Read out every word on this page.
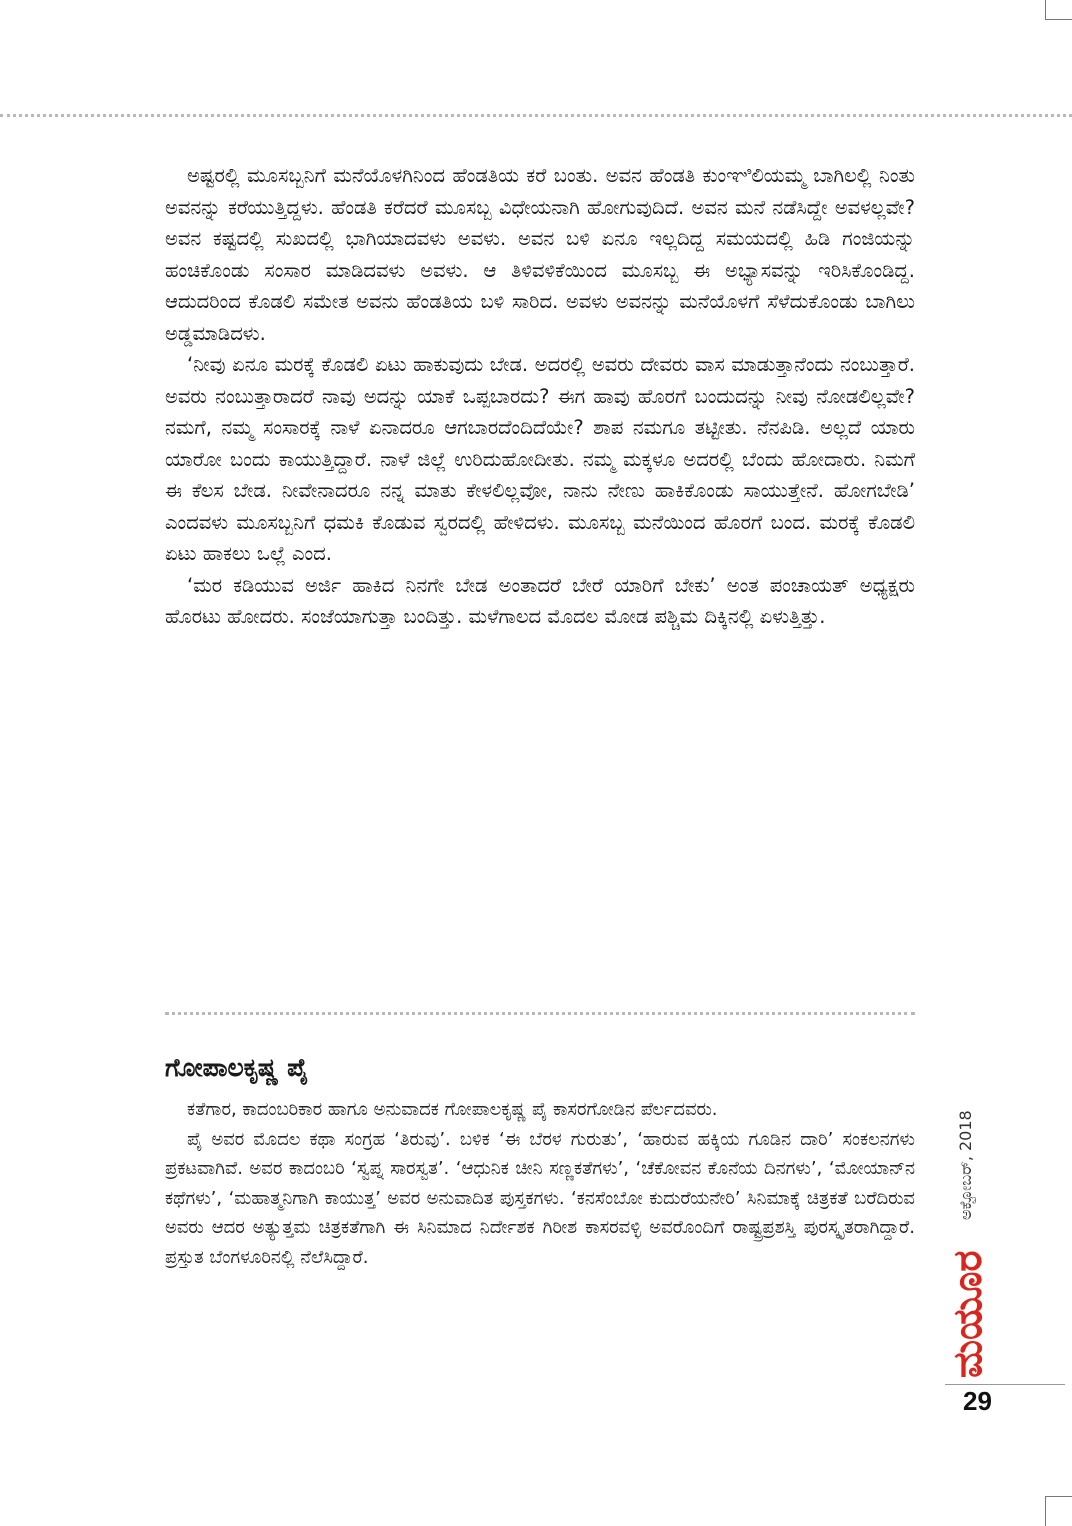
ಅಷ್ಟರಲ್ಲಿ ಮೂಸಬ್ಬನಿಗೆ ಮನೆಯೊಳಗಿನಿಂದ ಹೆಂಡತಿಯ ಕರೆ ಬಂತು. ಅವನ ಹೆಂಡತಿ ಕುಂಞಿಲಿಯಮ್ಮ ಬಾಗಿಲಲ್ಲಿ ನಿಂತು ಅವನನ್ನು ಕರೆಯುತ್ತಿದ್ದಳು. ಹೆಂಡತಿ ಕರೆದರೆ ಮೂಸಬ್ಬ ವಿಧೇಯನಾಗಿ ಹೋಗುವುದಿದೆ. ಅವನ ಮನೆ ನಡೆಸಿದ್ದೇ ಅವಳಲ್ಲವೇ? ಅವನ ಕಷ್ಟದಲ್ಲಿ ಸುಖದಲ್ಲಿ ಭಾಗಿಯಾದವಳು ಅವಳು. ಅವನ ಬಳಿ ಏನೂ ಇಲ್ಲದಿದ್ದ ಸಮಯದಲ್ಲಿ ಹಿಡಿ ಗಂಜಿಯನ್ನು ಹಂಚಿಕೊಂಡು ಸಂಸಾರ ಮಾಡಿದವಳು ಅವಳು. ಆ ತಿಳಿವಳಿಕೆಯಿಂದ ಮೂಸಬ್ಬ ಈ ಅಭ್ಯಾಸವನ್ನು ಇರಿಸಿಕೊಂಡಿದ್ದ. ಆದುದರಿಂದ ಕೊಡಲಿ ಸಮೇತ ಅವನು ಹೆಂಡತಿಯ ಬಳಿ ಸಾರಿದ. ಅವಳು ಅವನನ್ನು ಮನೆಯೊಳಗೆ ಸೆಳೆದುಕೊಂಡು ಬಾಗಿಲು ಅಡ್ಡಮಾಡಿದಳು.

‘ನೀವು ಏನೂ ಮರಕ್ಕೆ ಕೊಡಲಿ ಏಟು ಹಾಕುವುದು ಬೇಡ. ಅದರಲ್ಲಿ ಅವರು ದೇವರು ವಾಸ ಮಾಡುತ್ತಾನೆಂದು ನಂಬುತ್ತಾರೆ. ಅವರು ನಂಬುತ್ತಾರಾದರೆ ನಾವು ಅದನ್ನು ಯಾಕೆ ಒಪ್ಪಬಾರದು? ಈಗ ಹಾವು ಹೊರಗೆ ಬಂದುದನ್ನು ನೀವು ನೋಡಲಿಲ್ಲವೇ? ನಮಗೆ, ನಮ್ಮ ಸಂಸಾರಕ್ಕೆ ನಾಳೆ ಏನಾದರೂ ಆಗಬಾರದೆಂದಿದೆಯೇ? ಶಾಪ ನಮಗೂ ತಟ್ಟೀತು. ನೆನಪಿಡಿ. ಅಲ್ಲದೆ ಯಾರು ಯಾರೋ ಬಂದು ಕಾಯುತ್ತಿದ್ದಾರೆ. ನಾಳೆ ಜಿಲ್ಲೆ ಉರಿದುಹೋದೀತು. ನಮ್ಮ ಮಕ್ಕಳೂ ಅದರಲ್ಲಿ ಬೆಂದು ಹೋದಾರು. ನಿಮಗೆ ಈ ಕೆಲಸ ಬೇಡ. ನೀವೇನಾದರೂ ನನ್ನ ಮಾತು ಕೇಳಲಿಲ್ಲವೋ, ನಾನು ನೇಣು ಹಾಕಿಕೊಂಡು ಸಾಯುತ್ತೇನೆ. ಹೋಗಬೇಡಿ’ ಎಂದವಳು ಮೂಸಬ್ಬನಿಗೆ ಧಮಕಿ ಕೊಡುವ ಸ್ವರದಲ್ಲಿ ಹೇಳಿದಳು. ಮೂಸಬ್ಬ ಮನೆಯಿಂದ ಹೊರಗೆ ಬಂದ. ಮರಕ್ಕೆ ಕೊಡಲಿ ಏಟು ಹಾಕಲು ಒಲ್ಲೆ ಎಂದ.

‘ಮರ ಕಡಿಯುವ ಅರ್ಜಿ ಹಾಕಿದ ನಿನಗೇ ಬೇಡ ಅಂತಾದರೆ ಬೇರೆ ಯಾರಿಗೆ ಬೇಕು’ ಅಂತ ಪಂಚಾಯತ್ ಅಧ್ಯಕ್ಷರು ಹೊರಟು ಹೋದರು. ಸಂಜೆಯಾಗುತ್ತಾ ಬಂದಿತ್ತು. ಮಳೆಗಾಲದ ಮೊದಲ ಮೋಡ ಪಶ್ಚಿಮ ದಿಕ್ಕಿನಲ್ಲಿ ಏಳುತ್ತಿತ್ತು.

ಗೋಪಾಲಕೃಷ್ಣ ಪೈ

ಕತೆಗಾರ, ಕಾದಂಬರಿಕಾರ ಹಾಗೂ ಅನುವಾದಕ ಗೋಪಾಲಕೃಷ್ಣ ಪೈ ಕಾಸರಗೋಡಿನ ಪೆರ್ಲದವರು.

ಪೈ ಅವರ ಮೊದಲ ಕಥಾ ಸಂಗ್ರಹ ‘ತಿರುವು’. ಬಳಿಕ ‘ಈ ಬೆರಳ ಗುರುತು’, ‘ಹಾರುವ ಹಕ್ಕಿಯ ಗೂಡಿನ ದಾರಿ’ ಸಂಕಲನಗಳು ಪ್ರಕಟವಾಗಿವೆ. ಅವರ ಕಾದಂಬರಿ ‘ಸ್ವಪ್ನ ಸಾರಸ್ವತ’. ‘ಆಧುನಿಕ ಚೀನಿ ಸಣ್ಣಕತೆಗಳು’, ‘ಚೆಕೋವನ ಕೊನೆಯ ದಿನಗಳು’, ‘ಮೋಯಾನ್‌ನ ಕಥೆಗಳು’, ‘ಮಹಾತ್ಮನಿಗಾಗಿ ಕಾಯುತ್ತ’ ಅವರ ಅನುವಾದಿತ ಪುಸ್ತಕಗಳು. ‘ಕನಸೆಂಬೋ ಕುದುರೆಯನೇರಿ’ ಸಿನಿಮಾಕ್ಕೆ ಚಿತ್ರಕತೆ ಬರೆದಿರುವ ಅವರು ಆದರ ಅತ್ಯುತ್ತಮ ಚಿತ್ರಕತೆಗಾಗಿ ಈ ಸಿನಿಮಾದ ನಿರ್ದೇಶಕ ಗಿರೀಶ ಕಾಸರವಳ್ಳಿ ಅವರೊಂದಿಗೆ ರಾಷ್ಟ್ರಪ್ರಶಸ್ತಿ ಪುರಸ್ಕೃತರಾಗಿದ್ದಾರೆ. ಪ್ರಸ್ತುತ ಬೆಂಗಳೂರಿನಲ್ಲಿ ನೆಲೆಸಿದ್ದಾರೆ.

ಅಕ್ಟೋಬರ್, 2018
ಮಯೂರ
29
